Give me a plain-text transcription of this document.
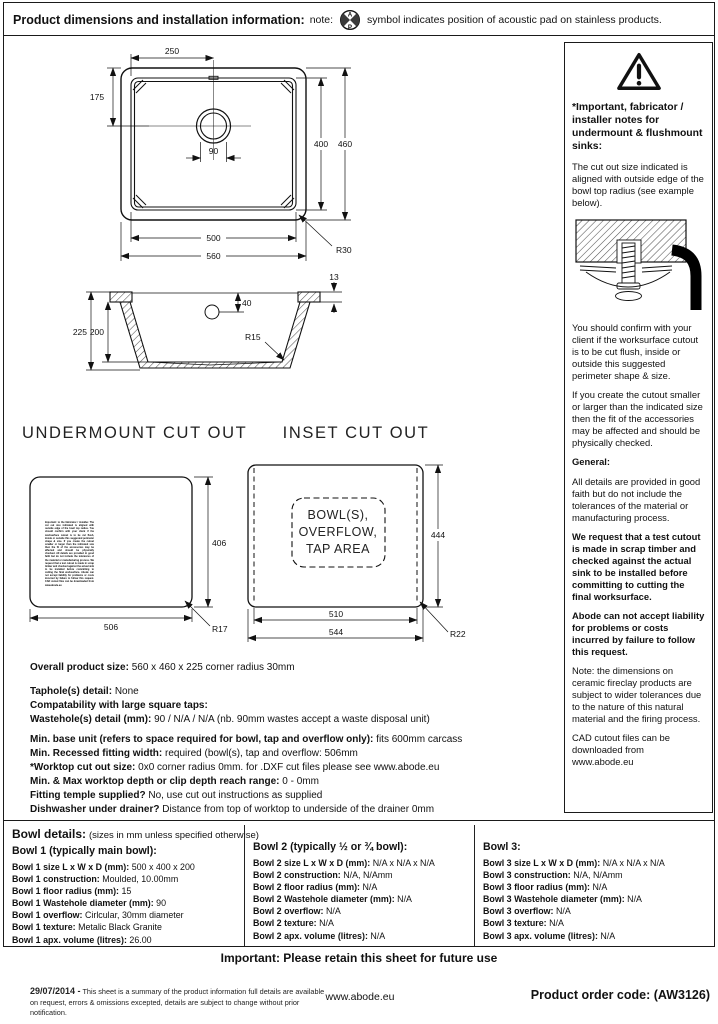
Product dimensions and installation information: note: A
P
symbol indicates position of acoustic pad on stainless products.
250
175
90
400 460
500
560
R30
225 200
40
13
R15
UNDERMOUNT CUT OUT
506
406
R17
Important: to the fabricator / installer. The cut out size indicated is aligned with outside edge of the bowl top radius. You should confirm with your client if the worksurface cutout is to be cut flush, inside or outside this suggested perimeter shape & size. If you create the cutout smaller or larger than the indicated size then the fit of the accessories may be affected and should be physically checked. All details are provided in good faith but do not include the tolerances of the material or manufacturing process. We request that a test cutout is made in scrap timber and checked against the actual sink to be installed before committing to cutting the final worksurface. Abode can not accept liability for problems or costs incurred by failure to follow this request. CAD cutout files can be downloaded from www.abode.eu
INSET CUT OUT
BOWL(S),
OVERFLOW,
TAP AREA
444
510
544	R22
*Important, fabricator / installer notes for undermount & flushmount sinks:

The cut out size indicated is aligned with outside edge of the bowl top radius (see example below).

You should confirm with your client if the worksurface cutout is to be cut flush, inside or outside this suggested perimeter shape & size.

If you create the cutout smaller or larger than the indicated size then the fit of the accessories may be affected and should be physically checked.

General:

All details are provided in good faith but do not include the tolerances of the material or manufacturing process.

We request that a test cutout is made in scrap timber and checked against the actual sink to be installed before committing to cutting the final worksurface.

Abode can not accept liability for problems or costs incurred by failure to follow this request.

Note: the dimensions on ceramic fireclay products are subject to wider tolerances due to the nature of this natural material and the firing process.

CAD cutout files can be downloaded from www.abode.eu

Overall product size: 560 x 460 x 225 corner radius 30mm
Taphole(s) detail: None
Compatability with large square taps:
Wastehole(s) detail (mm): 90 / N/A / N/A (nb. 90mm wastes accept a waste disposal unit)
Min. base unit (refers to space required for bowl, tap and overflow only): fits 600mm carcass
Min. Recessed fitting width: required (bowl(s), tap and overflow: 506mm
*Worktop cut out size: 0x0 corner radius 0mm. for .DXF cut files please see www.abode.eu
Min. & Max worktop depth or clip depth reach range: 0 - 0mm
Fitting temple supplied? No, use cut out instructions as supplied
Dishwasher under drainer? Distance from top of worktop to underside of the drainer 0mm
Bowl details: (sizes in mm unless specified otherwise)
Bowl 1 (typically main bowl):
Bowl 1 size L x W x D (mm): 500 x 400 x 200
Bowl 1 construction: Moulded, 10.00mm
Bowl 1 floor radius (mm): 15
Bowl 1 Wastehole diameter (mm): 90
Bowl 1 overflow: Cirlcular, 30mm diameter
Bowl 1 texture: Metalic Black Granite
Bowl 1 apx. volume (litres): 26.00
Bowl 2 (typically ½ or ¾ bowl):
Bowl 2 size L x W x D (mm): N/A x N/A x N/A
Bowl 2 construction: N/A, N/Amm
Bowl 2 floor radius (mm): N/A
Bowl 2 Wastehole diameter (mm): N/A
Bowl 2 overflow: N/A
Bowl 2 texture: N/A
Bowl 2 apx. volume (litres): N/A
Bowl 3:
Bowl 3 size L x W x D (mm): N/A x N/A x N/A
Bowl 3 construction: N/A, N/Amm
Bowl 3 floor radius (mm): N/A
Bowl 3 Wastehole diameter (mm): N/A
Bowl 3 overflow: N/A
Bowl 3 texture: N/A
Bowl 3 apx. volume (litres): N/A
Important: Please retain this sheet for future use
29/07/2014 - This sheet is a summary of the product information full details are available on request, errors & omissions excepted, details are subject to change without prior notification.
www.abode.eu	Product order code: (AW3126)
